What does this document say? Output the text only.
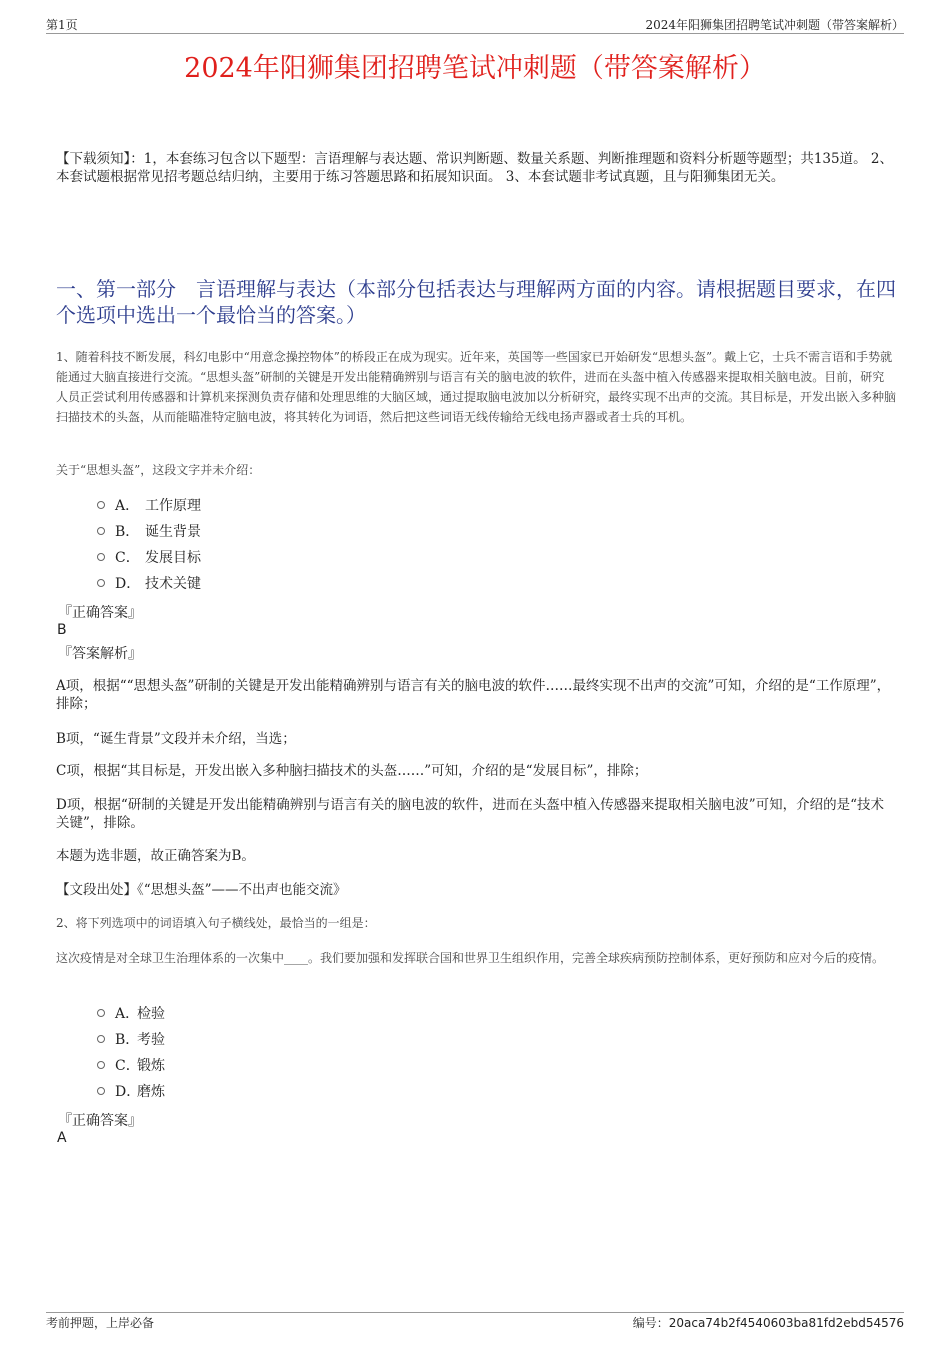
第1页	2024年阳狮集团招聘笔试冲刺题（带答案解析）
2024年阳狮集团招聘笔试冲刺题（带答案解析）
【下载须知】：1，本套练习包含以下题型：言语理解与表达题、常识判断题、数量关系题、判断推理题和资料分析题等题型；共135道。 2、本套试题根据常见招考题总结归纳，主要用于练习答题思路和拓展知识面。 3、本套试题非考试真题，且与阳狮集团无关。
一、第一部分　言语理解与表达（本部分包括表达与理解两方面的内容。请根据题目要求，在四个选项中选出一个最恰当的答案。）
1、随着科技不断发展，科幻电影中“用意念操控物体”的桥段正在成为现实。近年来，英国等一些国家已开始研发“思想头盔”。戴上它，士兵不需言语和手势就能通过大脑直接进行交流。“思想头盔”研制的关键是开发出能精确辨别与语言有关的脑电波的软件，进而在头盔中植入传感器来提取相关脑电波。目前，研究人员正尝试利用传感器和计算机来探测负责存储和处理思维的大脑区域，通过提取脑电波加以分析研究，最终实现不出声的交流。其目标是，开发出嵌入多种脑扫描技术的头盔，从而能瞄准特定脑电波，将其转化为词语，然后把这些词语无线传输给无线电扬声器或者士兵的耳机。
关于“思想头盔”，这段文字并未介绍：
A． 工作原理
B． 诞生背景
C． 发展目标
D． 技术关键
『正确答案』
B
『答案解析』
A项，根据““思想头盔”研制的关键是开发出能精确辨别与语言有关的脑电波的软件……最终实现不出声的交流”可知，介绍的是“工作原理”，排除；
B项，“诞生背景”文段并未介绍，当选；
C项，根据“其目标是，开发出嵌入多种脑扫描技术的头盔……”可知，介绍的是“发展目标”，排除；
D项，根据“研制的关键是开发出能精确辨别与语言有关的脑电波的软件，进而在头盔中植入传感器来提取相关脑电波”可知，介绍的是“技术关键”，排除。
本题为选非题，故正确答案为B。
【文段出处】《“思想头盔”——不出声也能交流》
2、将下列选项中的词语填入句子横线处，最恰当的一组是：
这次疫情是对全球卫生治理体系的一次集中____。我们要加强和发挥联合国和世界卫生组织作用，完善全球疾病预防控制体系，更好预防和应对今后的疫情。
A．
检验
B．
考验
C．
锻炼
D．
磨炼
『正确答案』
A
考前押题，上岸必备	编号：20aca74b2f4540603ba81fd2ebd54576
